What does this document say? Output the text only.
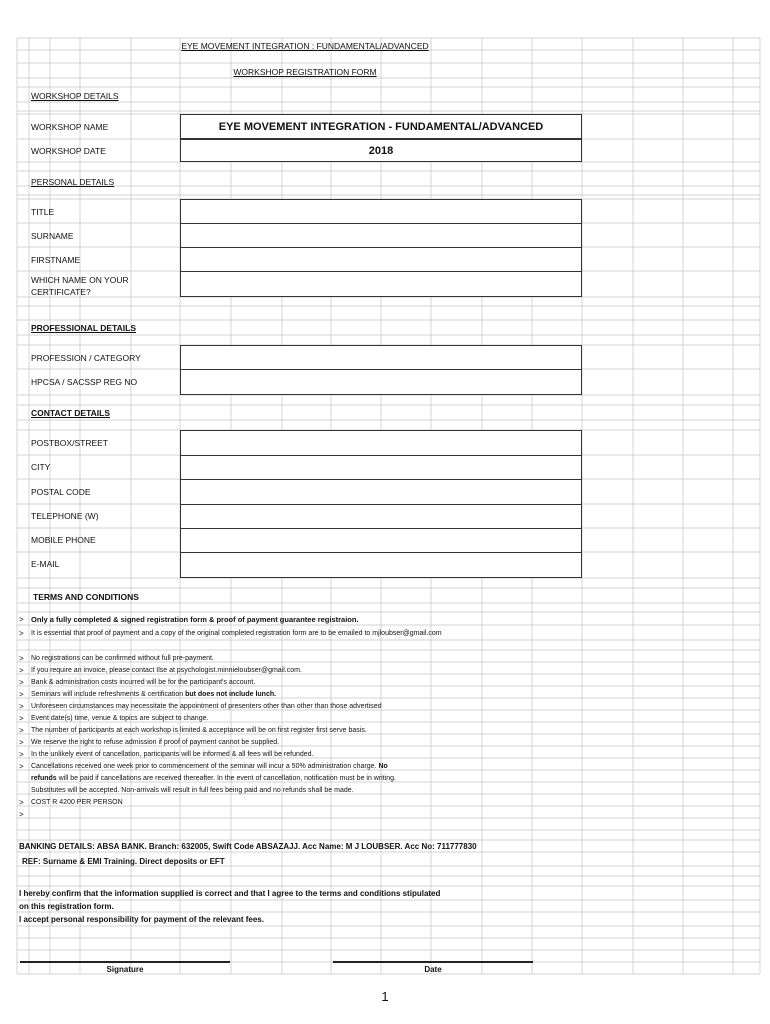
EYE MOVEMENT INTEGRATION : FUNDAMENTAL/ADVANCED
WORKSHOP REGISTRATION FORM
WORKSHOP DETAILS
WORKSHOP NAME	EYE MOVEMENT INTEGRATION - FUNDAMENTAL/ADVANCED
WORKSHOP DATE	2018
PERSONAL DETAILS
TITLE
SURNAME
FIRSTNAME
WHICH NAME ON YOUR
CERTIFICATE?
PROFESSIONAL DETAILS
PROFESSION / CATEGORY
HPCSA / SACSSP REG NO
CONTACT DETAILS
POSTBOX/STREET
CITY
POSTAL CODE
TELEPHONE (W)
MOBILE PHONE
E-MAIL
TERMS AND CONDITIONS
> Only a fully completed & signed registration form & proof of payment guarantee registraion.
> It is essential that proof of payment and a copy of the original completed registration form are to be emailed to mjloubser@gmail.com
> No registrations can be confirmed without full pre-payment.
> If you require an invoice, please contact Ilse at psychologist.minnieloubser@gmail.com.
> Bank & administration costs incurred will be for the participant's account.
> Seminars will include refreshments & certification but does not include lunch.
> Unforeseen circumstances may necessitate the appointment of presenters other than other than those advertised
> Event date(s) time, venue & topics are subject to change.
> The number of participants at each workshop is limited & acceptance will be on first register first serve basis.
> We reserve the right to refuse admission if proof of payment cannot be supplied.
> In the unlikely event of cancellation, participants will be informed & all fees will be refunded.
> Cancellations received one week prior to commencement of the seminar will incur a 50% administration charge. No
refunds will be paid if cancellations are received thereafter. In the event of cancellation, notification must be in writing.
Substitutes will be accepted. Non-arrivals will result in full fees being paid and no refunds shall be made.
> COST R 4200 PER PERSON
>
BANKING DETAILS: ABSA BANK. Branch: 632005, Swift Code ABSAZAJJ. Acc Name: M J LOUBSER. Acc No: 711777830
REF: Surname & EMI Training. Direct deposits or EFT
I hereby confirm that the information supplied is correct and that I agree to the terms and conditions stipulated
on this registration form.
I accept personal responsibility for payment of the relevant fees.
Signature	Date
1
